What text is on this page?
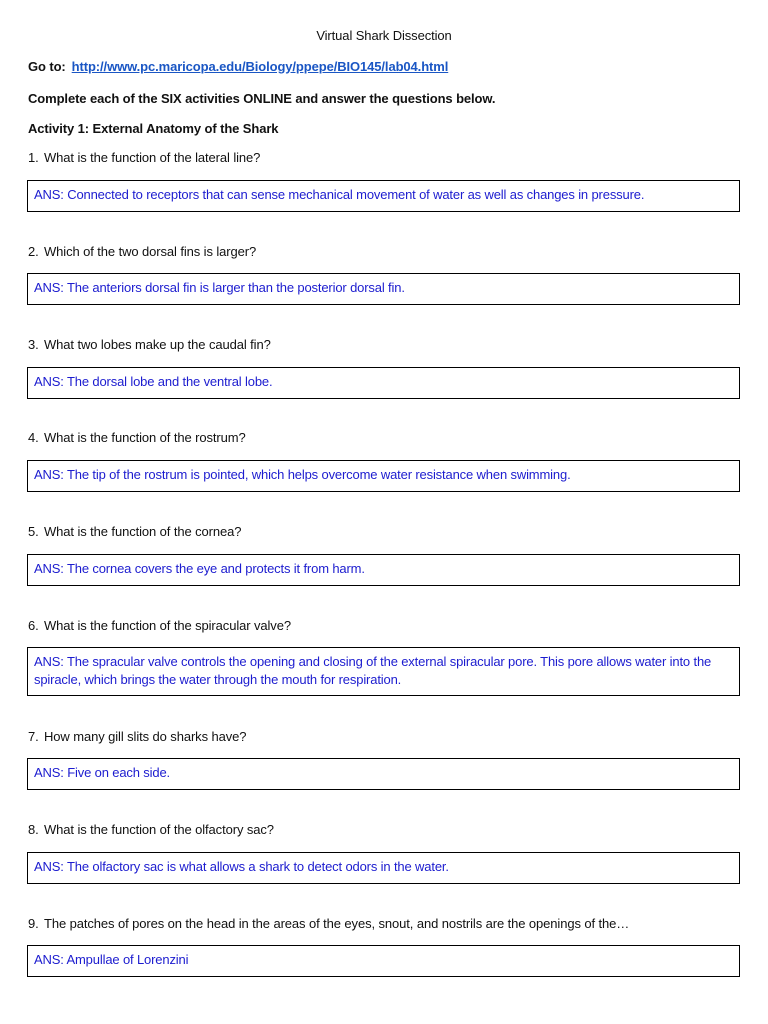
Virtual Shark Dissection
Go to: http://www.pc.maricopa.edu/Biology/ppepe/BIO145/lab04.html
Complete each of the SIX activities ONLINE and answer the questions below.
Activity 1: External Anatomy of the Shark
1. What is the function of the lateral line?
ANS: Connected to receptors that can sense mechanical movement of water as well as changes in pressure.
2. Which of the two dorsal fins is larger?
ANS: The anteriors dorsal fin is larger than the posterior dorsal fin.
3. What two lobes make up the caudal fin?
ANS: The dorsal lobe and the ventral lobe.
4. What is the function of the rostrum?
ANS: The tip of the rostrum is pointed, which helps overcome water resistance when swimming.
5. What is the function of the cornea?
ANS: The cornea covers the eye and protects it from harm.
6. What is the function of the spiracular valve?
ANS: The spracular valve controls the opening and closing of the external spiracular pore. This pore allows water into the spiracle, which brings the water through the mouth for respiration.
7. How many gill slits do sharks have?
ANS: Five on each side.
8. What is the function of the olfactory sac?
ANS: The olfactory sac is what allows a shark to detect odors in the water.
9. The patches of pores on the head in the areas of the eyes, snout, and nostrils are the openings of the…
ANS: Ampullae of Lorenzini
